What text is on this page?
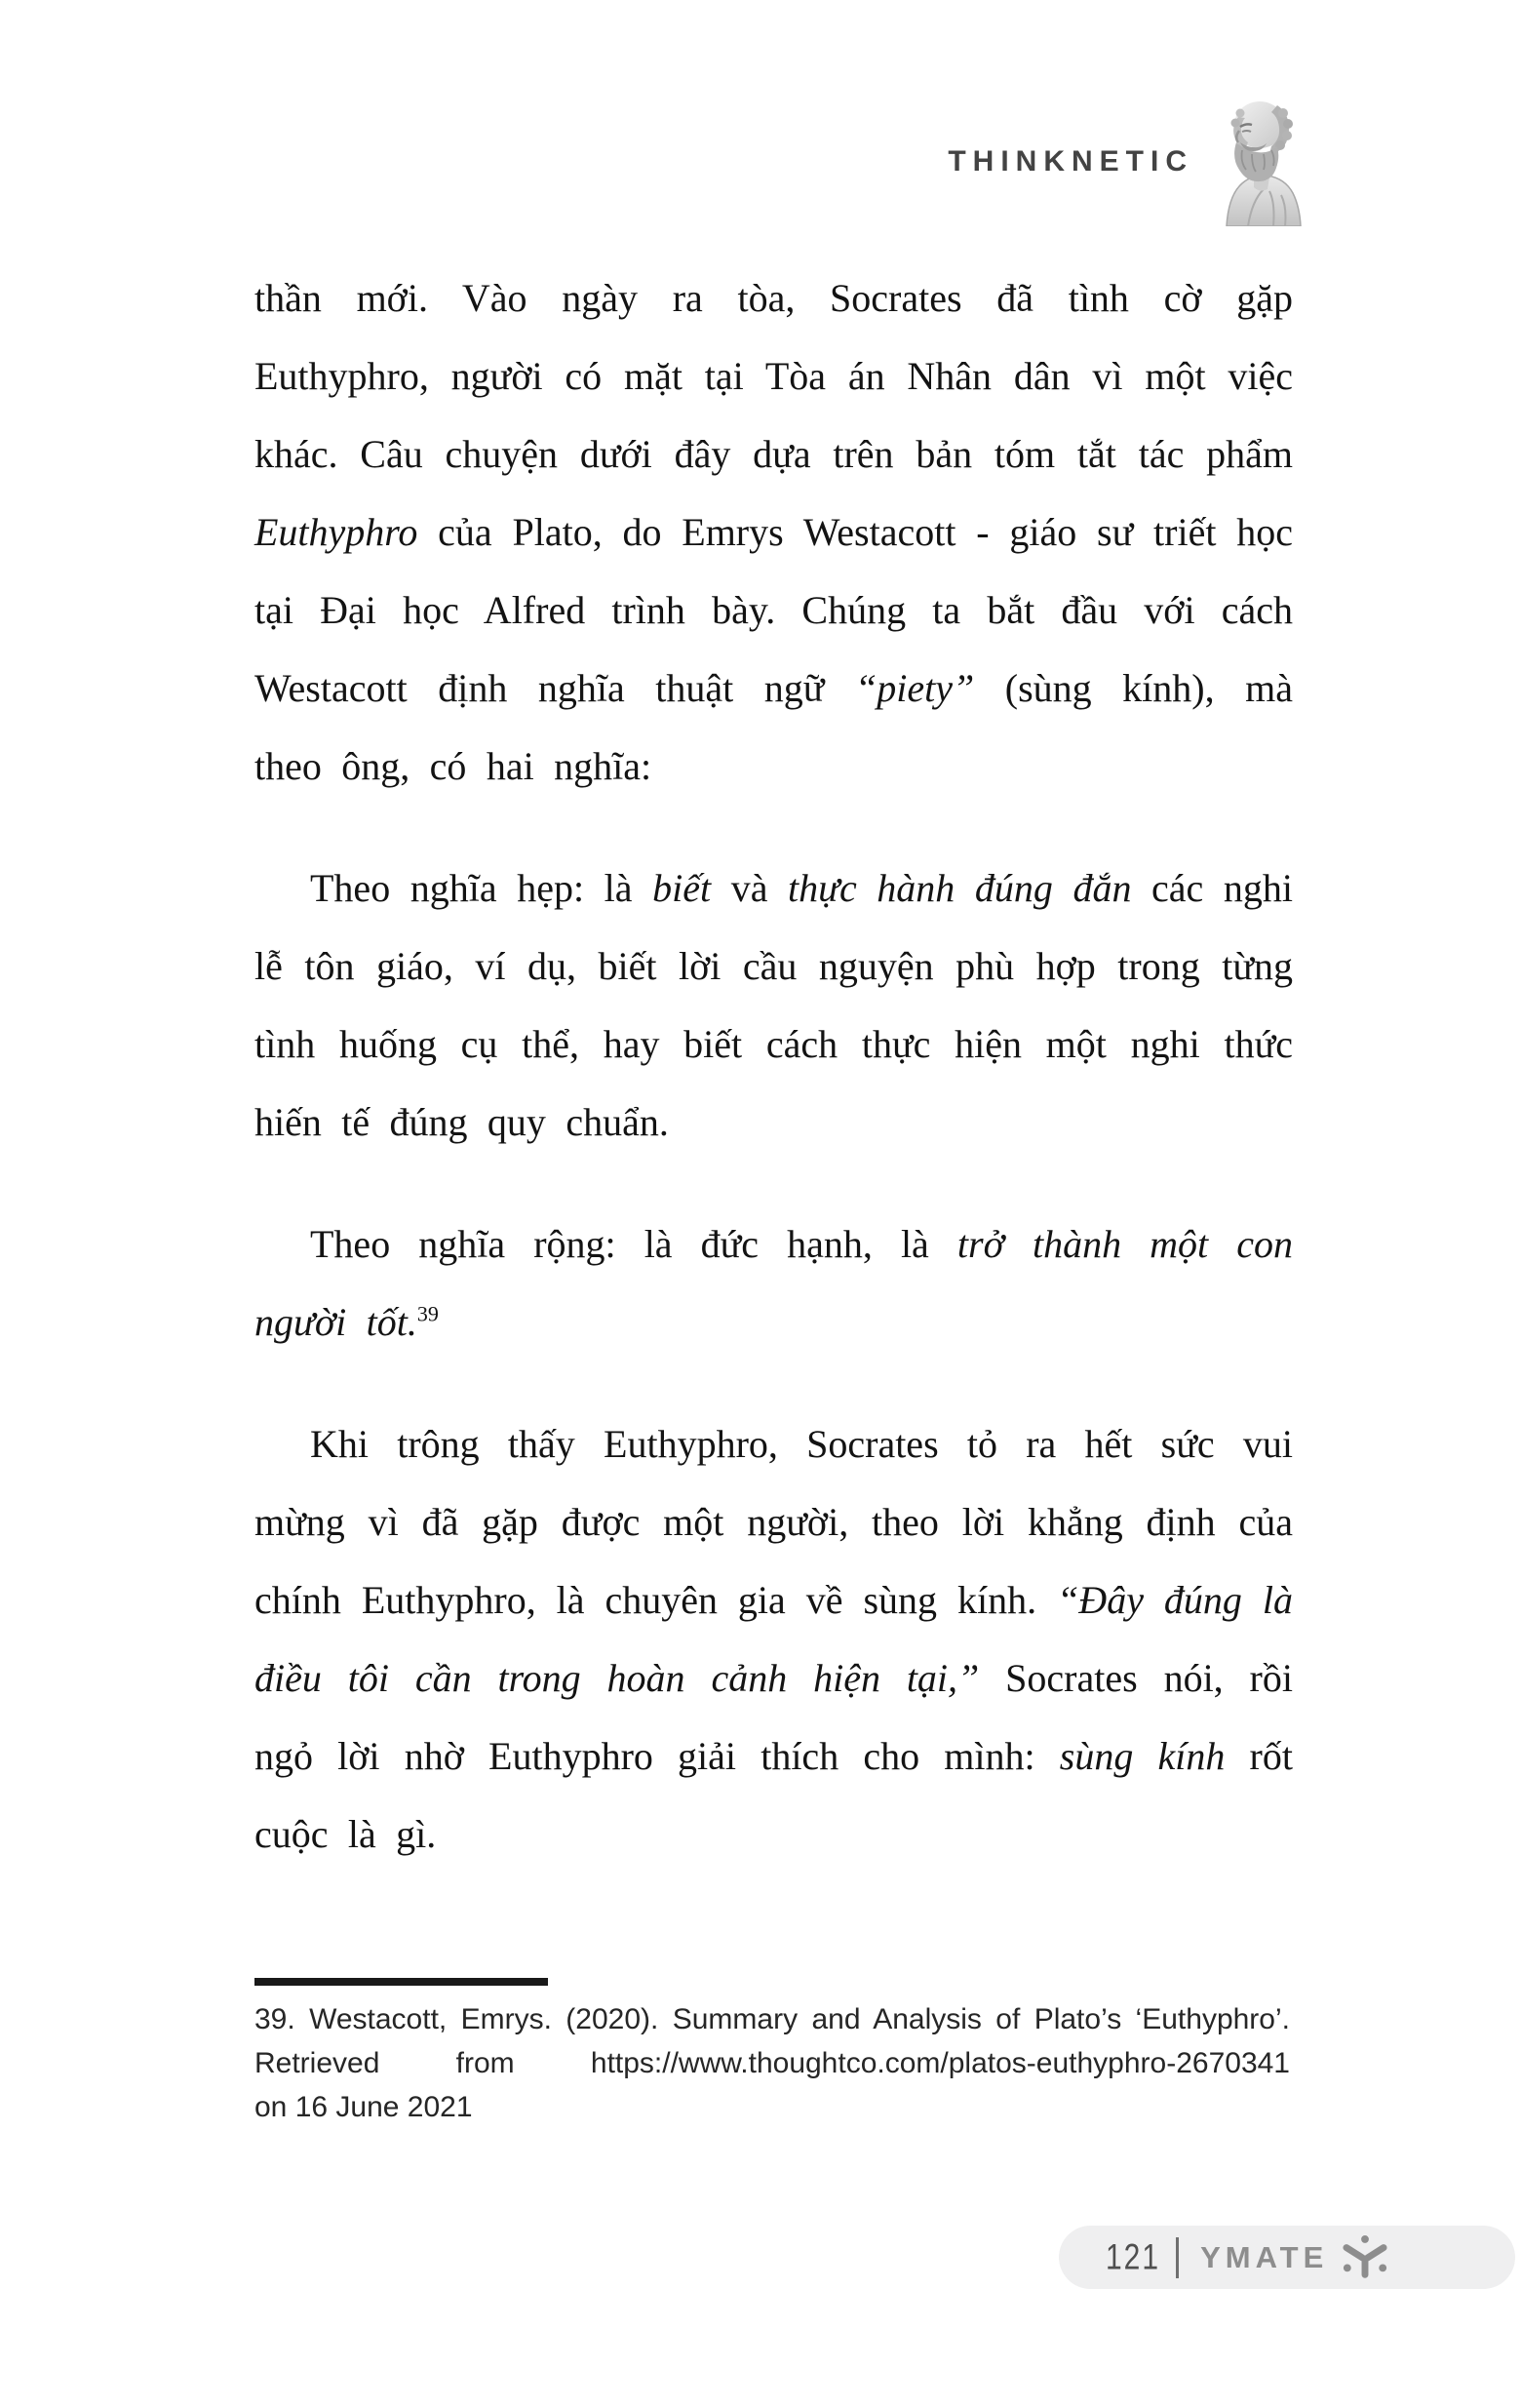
THINKNETIC

thần mới. Vào ngày ra tòa, Socrates đã tình cờ gặp Euthyphro, người có mặt tại Tòa án Nhân dân vì một việc khác. Câu chuyện dưới đây dựa trên bản tóm tắt tác phẩm Euthyphro của Plato, do Emrys Westacott - giáo sư triết học tại Đại học Alfred trình bày. Chúng ta bắt đầu với cách Westacott định nghĩa thuật ngữ “piety” (sùng kính), mà theo ông, có hai nghĩa:

Theo nghĩa hẹp: là biết và thực hành đúng đắn các nghi lễ tôn giáo, ví dụ, biết lời cầu nguyện phù hợp trong từng tình huống cụ thể, hay biết cách thực hiện một nghi thức hiến tế đúng quy chuẩn.

Theo nghĩa rộng: là đức hạnh, là trở thành một con người tốt.$^{39}$

Khi trông thấy Euthyphro, Socrates tỏ ra hết sức vui mừng vì đã gặp được một người, theo lời khẳng định của chính Euthyphro, là chuyên gia về sùng kính. “Đây đúng là điều tôi cần trong hoàn cảnh hiện tại,” Socrates nói, rồi ngỏ lời nhờ Euthyphro giải thích cho mình: sùng kính rốt cuộc là gì.

39. Westacott, Emrys. (2020). Summary and Analysis of Plato’s ‘Euthyphro’.
Retrieved from https://www.thoughtco.com/platos-euthyphro-2670341
on 16 June 2021
121 YMATE
